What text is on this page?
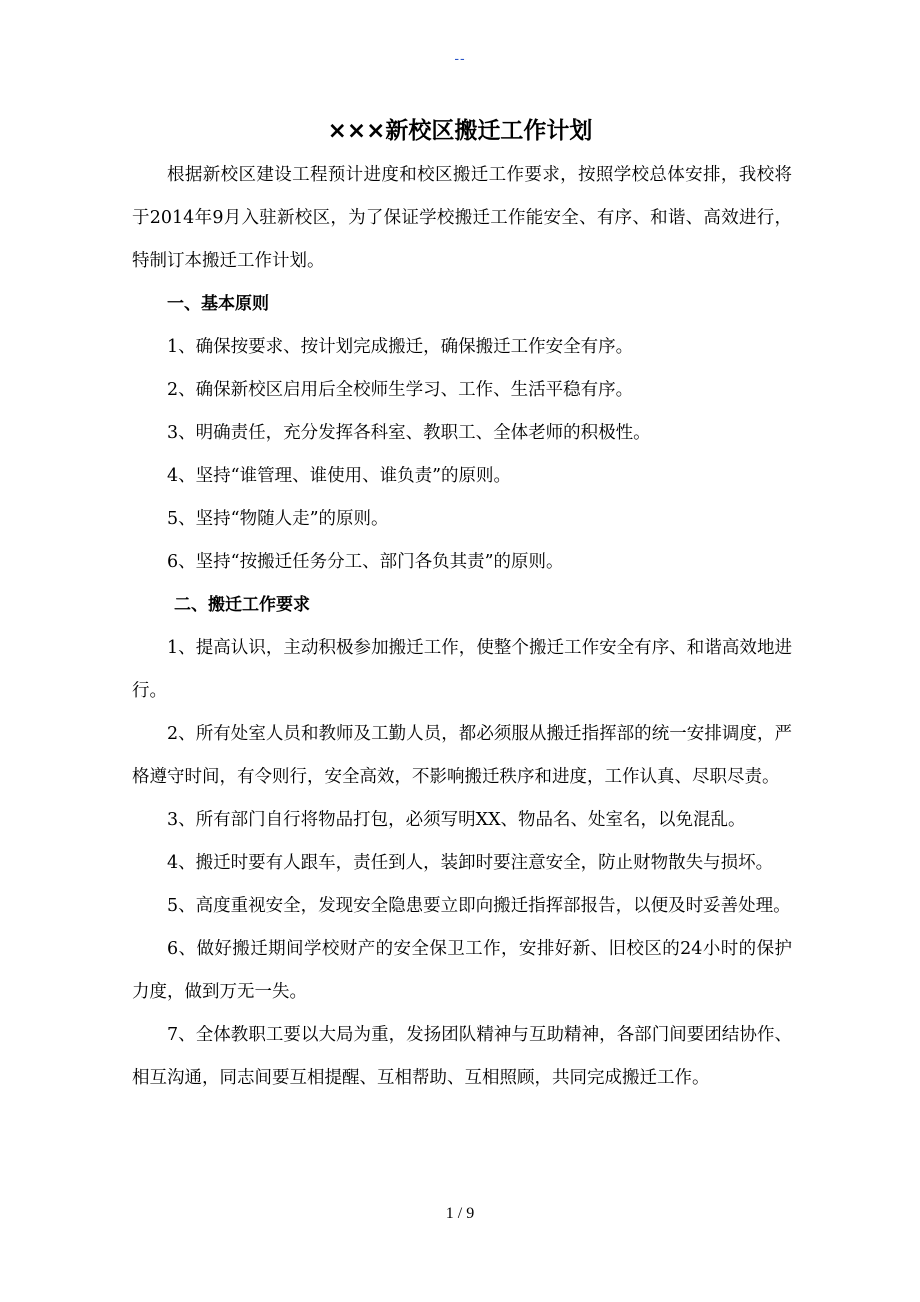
--
×××新校区搬迁工作计划

根据新校区建设工程预计进度和校区搬迁工作要求，按照学校总体安排，我校将于2014年9月入驻新校区，为了保证学校搬迁工作能安全、有序、和谐、高效进行，特制订本搬迁工作计划。

一、基本原则

1、确保按要求、按计划完成搬迁，确保搬迁工作安全有序。

2、确保新校区启用后全校师生学习、工作、生活平稳有序。

3、明确责任，充分发挥各科室、教职工、全体老师的积极性。

4、坚持“谁管理、谁使用、谁负责”的原则。

5、坚持“物随人走”的原则。

6、坚持“按搬迁任务分工、部门各负其责”的原则。

二、搬迁工作要求

1、提高认识，主动积极参加搬迁工作，使整个搬迁工作安全有序、和谐高效地进行。

2、所有处室人员和教师及工勤人员，都必须服从搬迁指挥部的统一安排调度，严格遵守时间，有令则行，安全高效，不影响搬迁秩序和进度，工作认真、尽职尽责。

3、所有部门自行将物品打包，必须写明XX、物品名、处室名，以免混乱。

4、搬迁时要有人跟车，责任到人，装卸时要注意安全，防止财物散失与损坏。

5、高度重视安全，发现安全隐患要立即向搬迁指挥部报告，以便及时妥善处理。

6、做好搬迁期间学校财产的安全保卫工作，安排好新、旧校区的24小时的保护力度，做到万无一失。

7、全体教职工要以大局为重，发扬团队精神与互助精神，各部门间要团结协作、相互沟通，同志间要互相提醒、互相帮助、互相照顾，共同完成搬迁工作。

1 / 9
